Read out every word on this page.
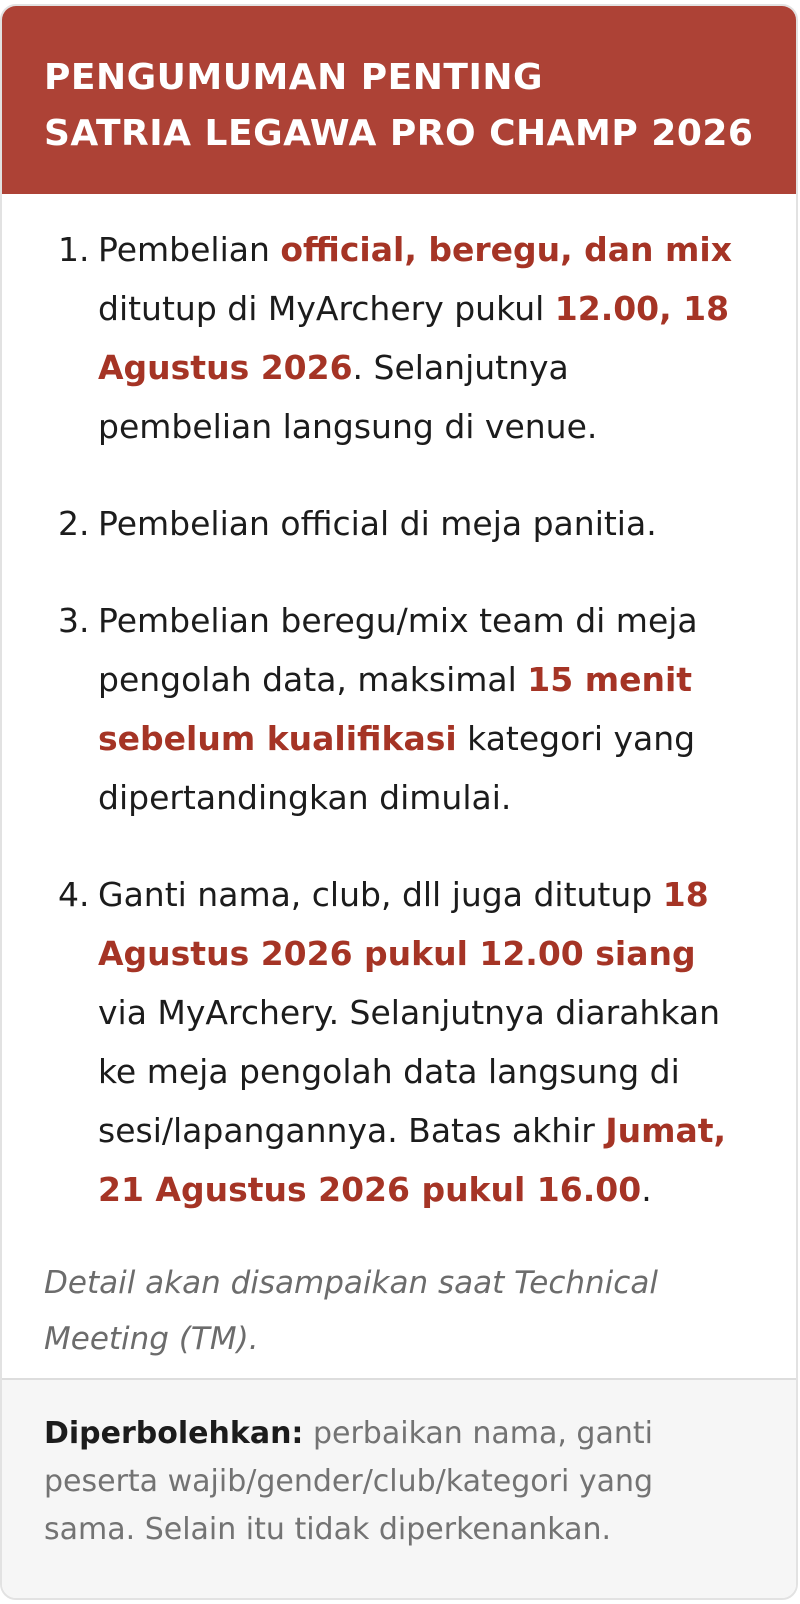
PENGUMUMAN PENTING
SATRIA LEGAWA PRO CHAMP 2026
1. Pembelian official, beregu, dan mix ditutup di MyArchery pukul 12.00, 18 Agustus 2026. Selanjutnya pembelian langsung di venue.
2. Pembelian official di meja panitia.
3. Pembelian beregu/mix team di meja pengolah data, maksimal 15 menit sebelum kualifikasi kategori yang dipertandingkan dimulai.
4. Ganti nama, club, dll juga ditutup 18 Agustus 2026 pukul 12.00 siang via MyArchery. Selanjutnya diarahkan ke meja pengolah data langsung di sesi/lapangannya. Batas akhir Jumat, 21 Agustus 2026 pukul 16.00.
Detail akan disampaikan saat Technical Meeting (TM).
Diperbolehkan: perbaikan nama, ganti peserta wajib/gender/club/kategori yang sama. Selain itu tidak diperkenankan.
